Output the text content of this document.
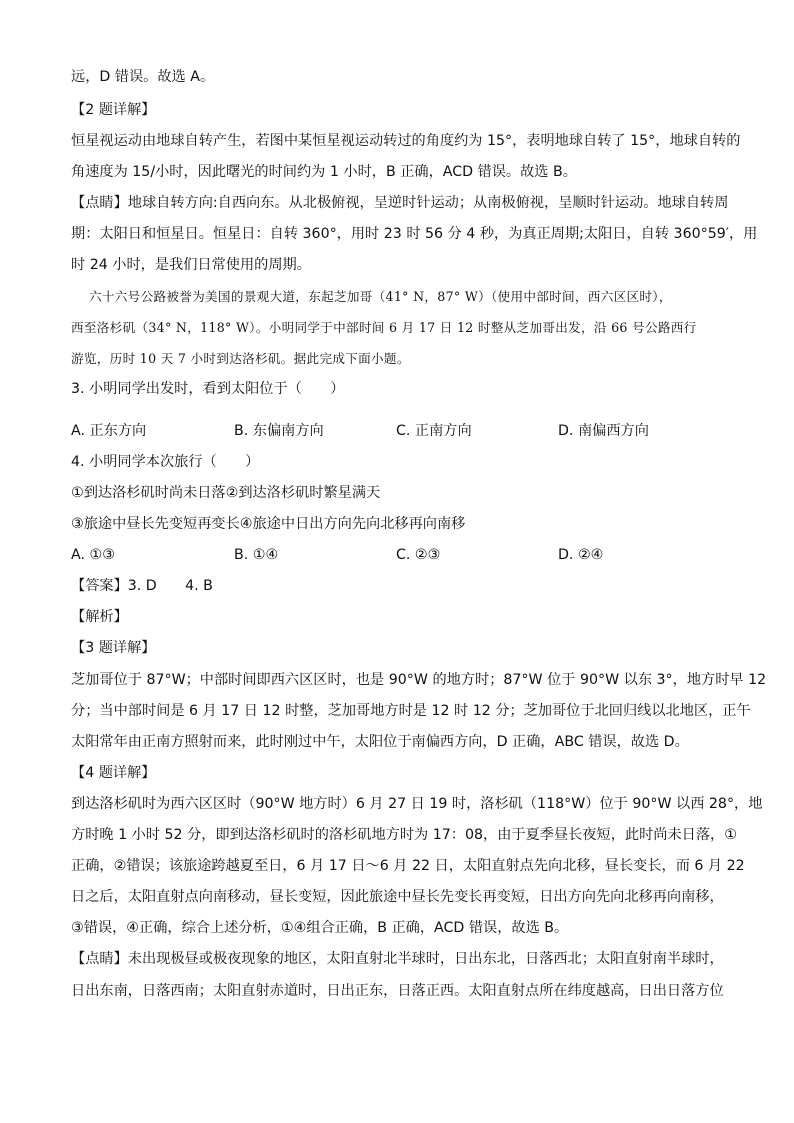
远，D 错误。故选 A。
【2 题详解】
恒星视运动由地球自转产生，若图中某恒星视运动转过的角度约为 15°，表明地球自转了 15°，地球自转的
角速度为 15/小时，因此曙光的时间约为 1 小时，B 正确，ACD 错误。故选 B。
【点睛】地球自转方向:自西向东。从北极俯视，呈逆时针运动；从南极俯视，呈顺时针运动。地球自转周
期：太阳日和恒星日。恒星日：自转 360°，用时 23 时 56 分 4 秒，为真正周期;太阳日，自转 360°59′，用
时 24 小时，是我们日常使用的周期。
六十六号公路被誉为美国的景观大道，东起芝加哥（41° N，87° W）（使用中部时间，西六区区时），
西至洛杉矶（34° N，118° W）。小明同学于中部时间 6 月 17 日 12 时整从芝加哥出发，沿 66 号公路西行
游览，历时 10 天 7 小时到达洛杉矶。据此完成下面小题。
3. 小明同学出发时，看到太阳位于（　　）
A. 正东方向	B. 东偏南方向	C. 正南方向	D. 南偏西方向
4. 小明同学本次旅行（　　）
①到达洛杉矶时尚未日落②到达洛杉矶时繁星满天
③旅途中昼长先变短再变长④旅途中日出方向先向北移再向南移
A. ①③	B. ①④	C. ②③	D. ②④
【答案】3. D　　4. B
【解析】
【3 题详解】
芝加哥位于 87°W；中部时间即西六区区时，也是 90°W 的地方时；87°W 位于 90°W 以东 3°，地方时早 12
分；当中部时间是 6 月 17 日 12 时整，芝加哥地方时是 12 时 12 分；芝加哥位于北回归线以北地区，正午
太阳常年由正南方照射而来，此时刚过中午，太阳位于南偏西方向，D 正确，ABC 错误，故选 D。
【4 题详解】
到达洛杉矶时为西六区区时（90°W 地方时）6 月 27 日 19 时，洛杉矶（118°W）位于 90°W 以西 28°，地
方时晚 1 小时 52 分，即到达洛杉矶时的洛杉矶地方时为 17：08，由于夏季昼长夜短，此时尚未日落，①
正确，②错误；该旅途跨越夏至日，6 月 17 日～6 月 22 日，太阳直射点先向北移，昼长变长，而 6 月 22
日之后，太阳直射点向南移动，昼长变短，因此旅途中昼长先变长再变短，日出方向先向北移再向南移，
③错误，④正确，综合上述分析，①④组合正确，B 正确，ACD 错误，故选 B。
【点睛】未出现极昼或极夜现象的地区，太阳直射北半球时，日出东北，日落西北；太阳直射南半球时，
日出东南，日落西南；太阳直射赤道时，日出正东，日落正西。太阳直射点所在纬度越高，日出日落方位
